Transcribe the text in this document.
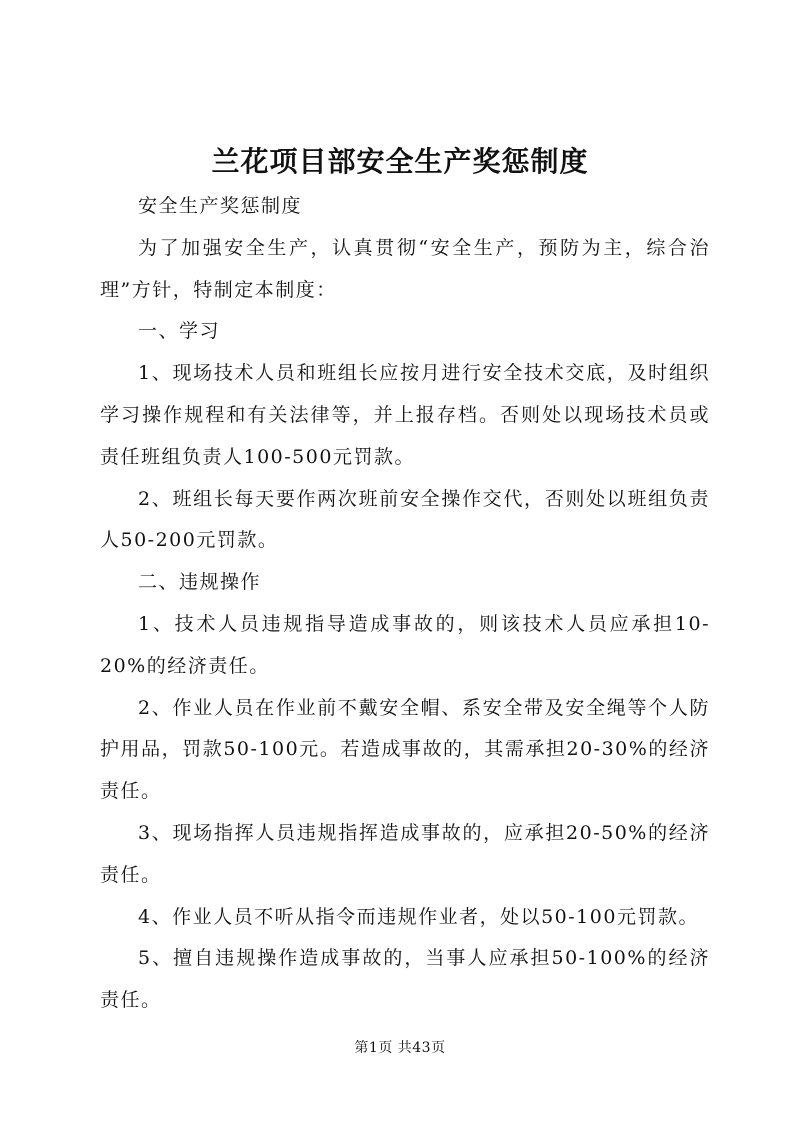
兰花项目部安全生产奖惩制度

安全生产奖惩制度

为了加强安全生产，认真贯彻“安全生产，预防为主，综合治理”方针，特制定本制度：

一、学习

1、现场技术人员和班组长应按月进行安全技术交底，及时组织学习操作规程和有关法律等，并上报存档。否则处以现场技术员或责任班组负责人100-500元罚款。

2、班组长每天要作两次班前安全操作交代，否则处以班组负责人50-200元罚款。

二、违规操作

1、技术人员违规指导造成事故的，则该技术人员应承担10-20%的经济责任。

2、作业人员在作业前不戴安全帽、系安全带及安全绳等个人防护用品，罚款50-100元。若造成事故的，其需承担20-30%的经济责任。

3、现场指挥人员违规指挥造成事故的，应承担20-50%的经济责任。

4、作业人员不听从指令而违规作业者，处以50-100元罚款。

5、擅自违规操作造成事故的，当事人应承担50-100%的经济责任。

第1页 共43页
